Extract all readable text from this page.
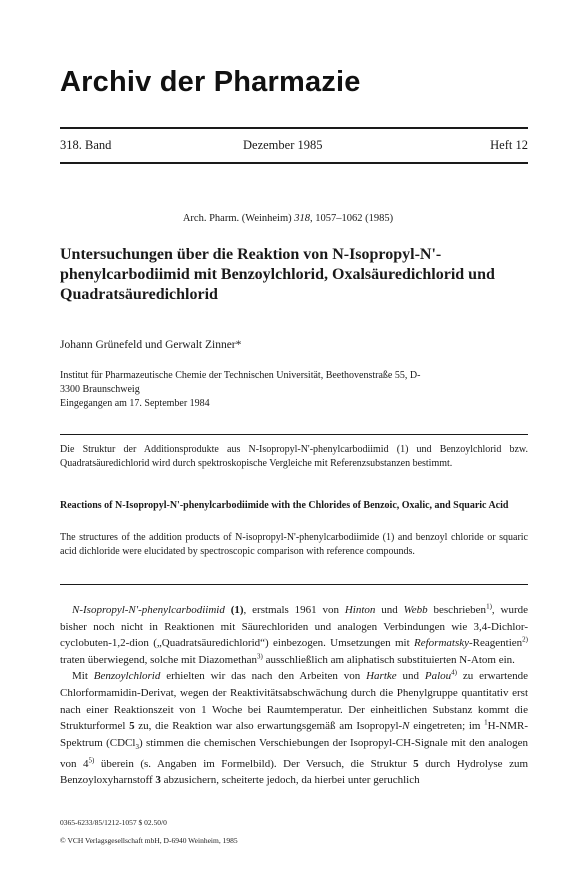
Archiv der Pharmazie
318. Band	Dezember 1985	Heft 12
Arch. Pharm. (Weinheim) 318, 1057–1062 (1985)
Untersuchungen über die Reaktion von N-Isopropyl-N'-phenylcarbodiimid mit Benzoylchlorid, Oxalsäuredichlorid und Quadratsäuredichlorid
Johann Grünefeld und Gerwalt Zinner*
Institut für Pharmazeutische Chemie der Technischen Universität, Beethovenstraße 55, D-
3300 Braunschweig
Eingegangen am 17. September 1984
Die Struktur der Additionsprodukte aus N-Isopropyl-N'-phenylcarbodiimid (1) und Benzoylchlorid bzw. Quadratsäuredichlorid wird durch spektroskopische Vergleiche mit Referenzsubstanzen bestimmt.
Reactions of N-Isopropyl-N'-phenylcarbodiimide with the Chlorides of Benzoic, Oxalic, and Squaric Acid
The structures of the addition products of N-isopropyl-N'-phenylcarbodiimide (1) and benzoyl chloride or squaric acid dichloride were elucidated by spectroscopic comparison with reference compounds.

N-Isopropyl-N'-phenylcarbodiimid (1), erstmals 1961 von Hinton und Webb beschrieben$^{1)}$, wurde bisher noch nicht in Reaktionen mit Säurechloriden und analogen Verbindungen wie 3,4-Dichlor-cyclobuten-1,2-dion („Quadratsäuredichlorid“) einbezogen. Umsetzungen mit Reformatsky-Reagentien$^{2)}$ traten überwiegend, solche mit Diazomethan$^{3)}$ ausschließlich am aliphatisch substituierten N-Atom ein.

Mit Benzoylchlorid erhielten wir das nach den Arbeiten von Hartke und Palou$^{4)}$ zu erwartende Chlorformamidin-Derivat, wegen der Reaktivitätsabschwächung durch die Phenylgruppe quantitativ erst nach einer Reaktionszeit von 1 Woche bei Raumtemperatur. Der einheitlichen Substanz kommt die Strukturformel 5 zu, die Reaktion war also erwartungsgemäß am Isopropyl-N eingetreten; im $^1$H-NMR-Spektrum (CDCl$_3$) stimmen die chemischen Verschiebungen der Isopropyl-CH-Signale mit den analogen von 4$^{5)}$ überein (s. Angaben im Formelbild). Der Versuch, die Struktur 5 durch Hydrolyse zum Benzoyloxyharnstoff 3 abzusichern, scheiterte jedoch, da hierbei unter geruchlich

0365-6233/85/1212-1057 $ 02.50/0
© VCH Verlagsgesellschaft mbH, D-6940 Weinheim, 1985
